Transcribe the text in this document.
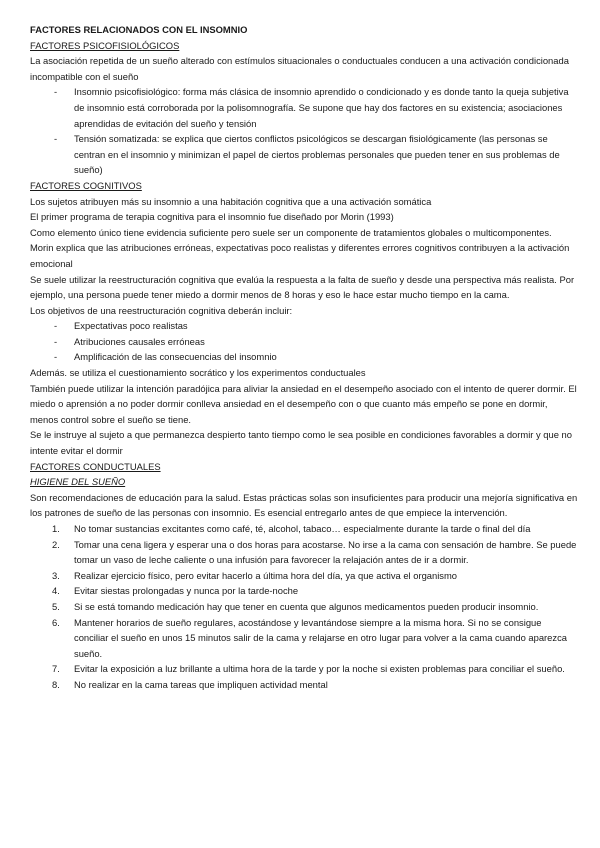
FACTORES RELACIONADOS CON EL INSOMNIO

FACTORES PSICOFISIOLÓGICOS

La asociación repetida de un sueño alterado con estímulos situacionales o conductuales conducen a una activación condicionada incompatible con el sueño

- Insomnio psicofisiológico: forma más clásica de insomnio aprendido o condicionado y es donde tanto la queja subjetiva de insomnio está corroborada por la polisomnografía. Se supone que hay dos factores en su existencia; asociaciones aprendidas de evitación del sueño y tensión
- Tensión somatizada: se explica que ciertos conflictos psicológicos se descargan fisiológicamente (las personas se centran en el insomnio y minimizan el papel de ciertos problemas personales que pueden tener en sus problemas de sueño)

FACTORES COGNITIVOS

Los sujetos atribuyen más su insomnio a una habitación cognitiva que a una activación somática

El primer programa de terapia cognitiva para el insomnio fue diseñado por Morin (1993)

Como elemento único tiene evidencia suficiente pero suele ser un componente de tratamientos globales o multicomponentes.

Morin explica que las atribuciones erróneas, expectativas poco realistas y diferentes errores cognitivos contribuyen a la activación emocional

Se suele utilizar la reestructuración cognitiva que evalúa la respuesta a la falta de sueño y desde una perspectiva más realista. Por ejemplo, una persona puede tener miedo a dormir menos de 8 horas y eso le hace estar mucho tiempo en la cama.

Los objetivos de una reestructuración cognitiva deberán incluir:

- Expectativas poco realistas
- Atribuciones causales erróneas
- Amplificación de las consecuencias del insomnio

Además. se utiliza el cuestionamiento socrático y los experimentos conductuales

También puede utilizar la intención paradójica para aliviar la ansiedad en el desempeño asociado con el intento de querer dormir. El miedo o aprensión a no poder dormir conlleva ansiedad en el desempeño con o que cuanto más empeño se pone en dormir, menos control sobre el sueño se tiene.

Se le instruye al sujeto a que permanezca despierto tanto tiempo como le sea posible en condiciones favorables a dormir y que no intente evitar el dormir

FACTORES CONDUCTUALES

HIGIENE DEL SUEÑO

Son recomendaciones de educación para la salud. Estas prácticas solas son insuficientes para producir una mejoría significativa en los patrones de sueño de las personas con insomnio. Es esencial entregarlo antes de que empiece la intervención.

1. No tomar sustancias excitantes como café, té, alcohol, tabaco… especialmente durante la tarde o final del día
2. Tomar una cena ligera y esperar una o dos horas para acostarse. No irse a la cama con sensación de hambre. Se puede tomar un vaso de leche caliente o una infusión para favorecer la relajación antes de ir a dormir.
3. Realizar ejercicio físico, pero evitar hacerlo a última hora del día, ya que activa el organismo
4. Evitar siestas prolongadas y nunca por la tarde-noche
5. Si se está tomando medicación hay que tener en cuenta que algunos medicamentos pueden producir insomnio.
6. Mantener horarios de sueño regulares, acostándose y levantándose siempre a la misma hora. Si no se consigue conciliar el sueño en unos 15 minutos salir de la cama y relajarse en otro lugar para volver a la cama cuando aparezca sueño.
7. Evitar la exposición a luz brillante a ultima hora de la tarde y por la noche si existen problemas para conciliar el sueño.
8. No realizar en la cama tareas que impliquen actividad mental
